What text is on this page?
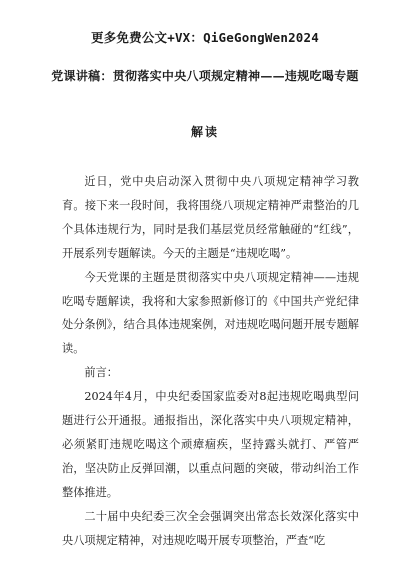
更多免费公文+VX：QiGeGongWen2024
党课讲稿：贯彻落实中央八项规定精神——违规吃喝专题
解读

近日，党中央启动深入贯彻中央八项规定精神学习教育。接下来一段时间，我将围绕八项规定精神严肃整治的几个具体违规行为，同时是我们基层党员经常触碰的“红线”，开展系列专题解读。今天的主题是“违规吃喝”。

今天党课的主题是贯彻落实中央八项规定精神——违规吃喝专题解读，我将和大家参照新修订的《中国共产党纪律处分条例》，结合具体违规案例，对违规吃喝问题开展专题解读。

前言：

2024年4月，中央纪委国家监委对8起违规吃喝典型问题进行公开通报。通报指出，深化落实中央八项规定精神，必须紧盯违规吃喝这个顽瘴痼疾，坚持露头就打、严管严治，坚决防止反弹回潮，以重点问题的突破，带动纠治工作整体推进。

二十届中央纪委三次全会强调突出常态长效深化落实中央八项规定精神，对违规吃喝开展专项整治，严查“吃
